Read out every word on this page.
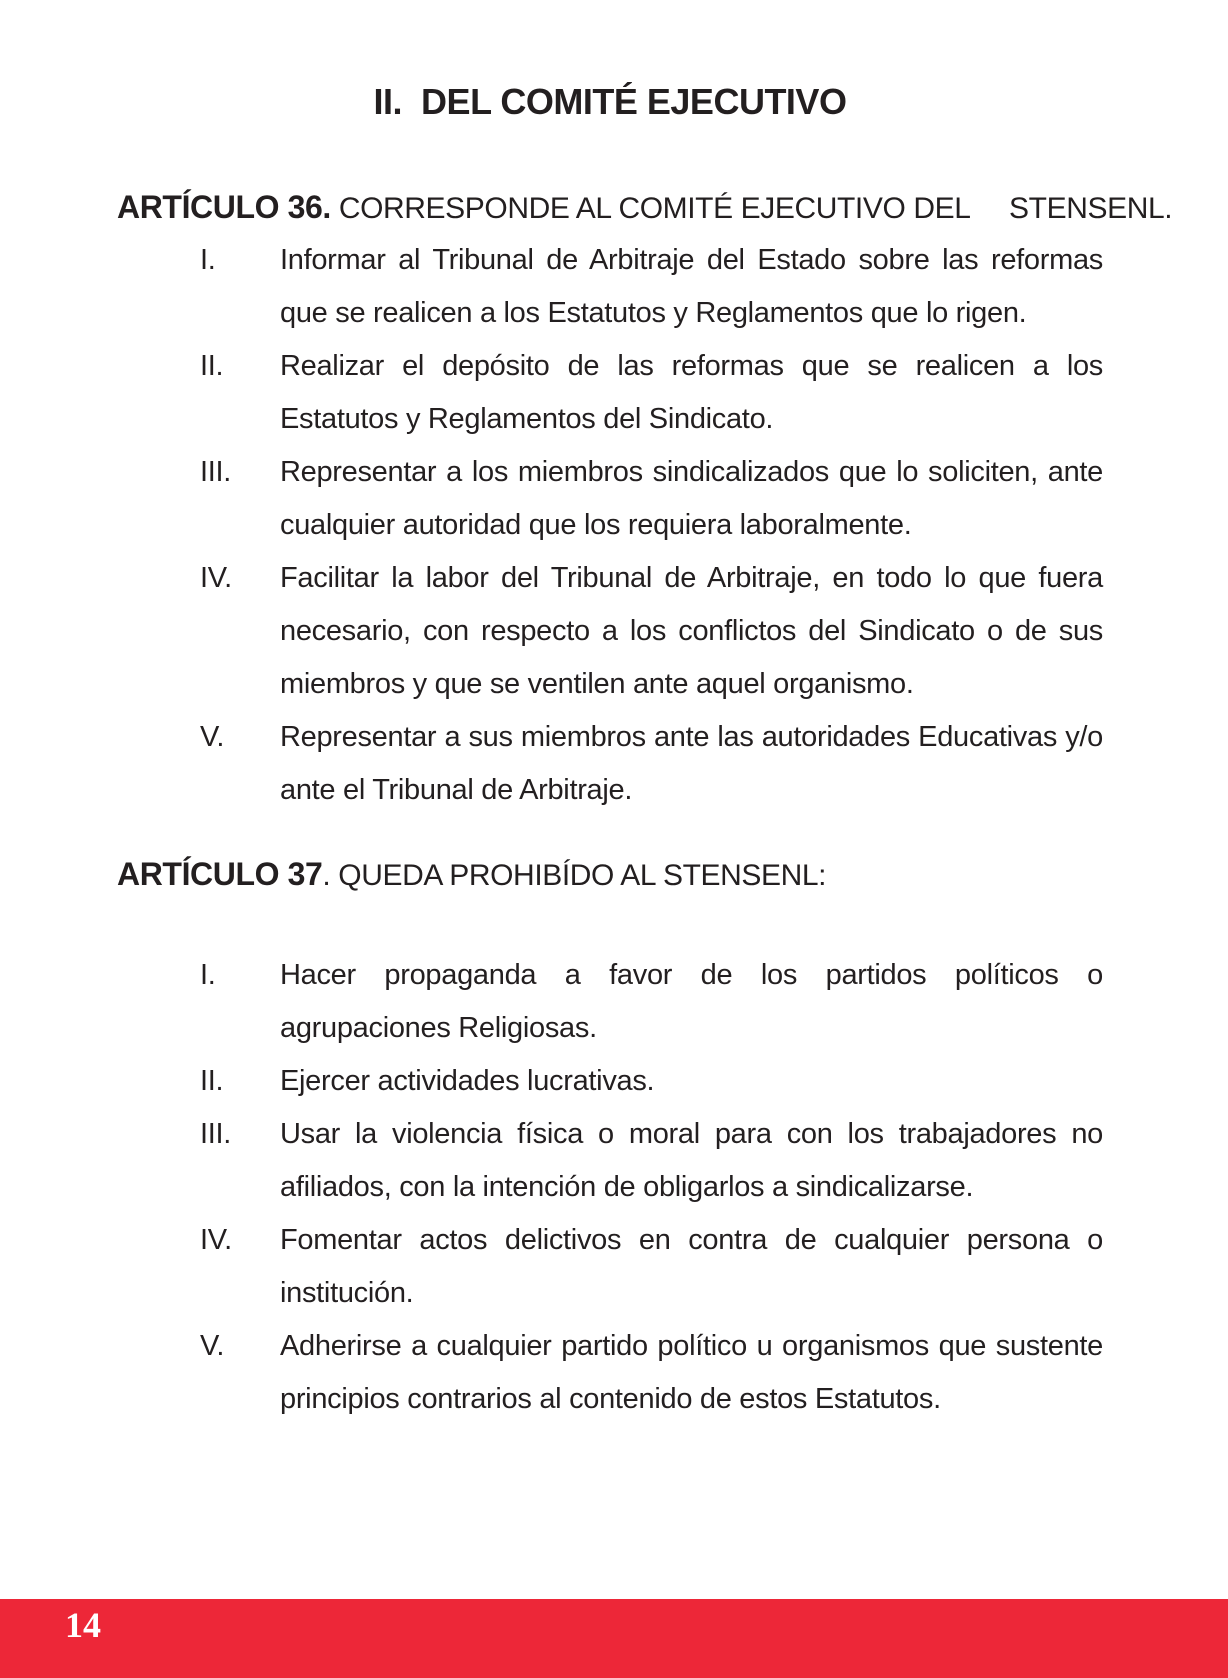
II.  DEL COMITÉ EJECUTIVO
ARTÍCULO 36. CORRESPONDE AL COMITÉ EJECUTIVO DEL     STENSENL.
I.	Informar al Tribunal de Arbitraje del Estado sobre las reformas que se realicen a los Estatutos y Reglamentos que lo rigen.
II.	Realizar el depósito de las reformas que se realicen a los Estatutos y Reglamentos del Sindicato.
III.	Representar a los miembros sindicalizados que lo soliciten, ante cualquier autoridad que los requiera laboralmente.
IV.	Facilitar la labor del Tribunal de Arbitraje, en todo lo que fuera necesario, con respecto a los conflictos del Sindicato o de sus miembros y que se ventilen ante aquel organismo.
V.	Representar a sus miembros ante las autoridades Educativas y/o ante el Tribunal de Arbitraje.
ARTÍCULO 37. QUEDA PROHIBÍDO AL STENSENL:
I.	Hacer propaganda a favor de los partidos políticos o agrupaciones Religiosas.
II.	Ejercer actividades lucrativas.
III.	Usar la violencia física o moral para con los trabajadores no afiliados, con la intención de obligarlos a sindicalizarse.
IV.	Fomentar actos delictivos en contra de cualquier persona o institución.
V.	Adherirse a cualquier partido político u organismos que sustente principios contrarios al contenido de estos Estatutos.
14
